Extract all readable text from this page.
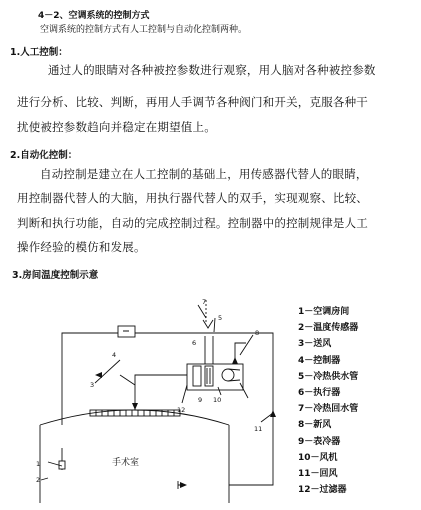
4－2、空调系统的控制方式
空调系统的控制方式有人工控制与自动化控制两种。
1.人工控制：
通过人的眼睛对各种被控参数进行观察，用人脑对各种被控参数
进行分析、比较、判断，再用人手调节各种阀门和开关，克服各种干
扰使被控参数趋向并稳定在期望值上。
2.自动化控制：
自动控制是建立在人工控制的基础上，用传感器代替人的眼睛，
用控制器代替人的大脑，用执行器代替人的双手，实现观察、比较、
判断和执行功能，自动的完成控制过程。控制器中的控制规律是人工
操作经验的模仿和发展。
3.房间温度控制示意
手术室
1
2
3
4
5
6
7
8
9 10
11
12
1－空调房间
2－温度传感器
3－送风
4－控制器
5－冷热供水管
6－执行器
7－冷热回水管
8－新风
9－表冷器
10－风机
11－回风
12－过滤器
